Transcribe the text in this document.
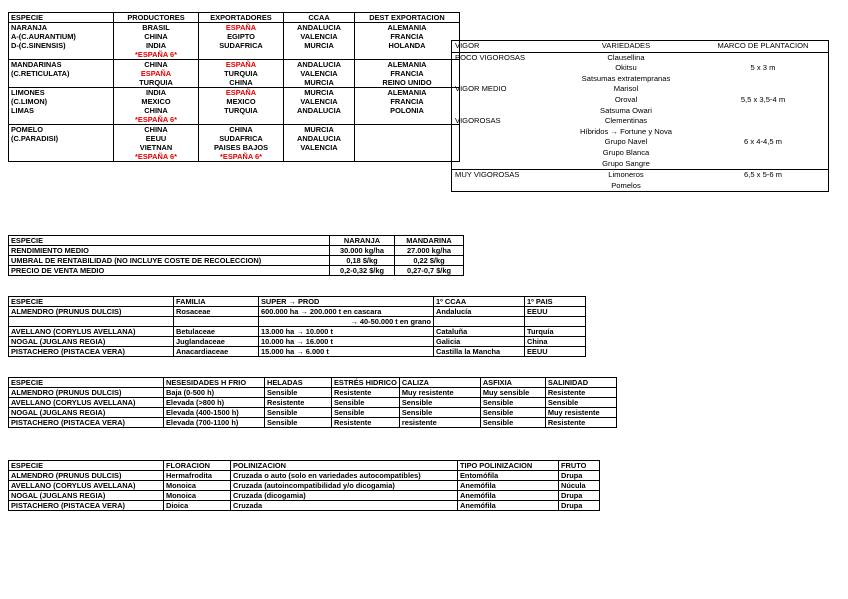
ESPECIE	PRODUCTORES	EXPORTADORES	CCAA	DEST EXPORTACION
NARANJA	BRASIL	ESPAÑA	ANDALUCIA	ALEMANIA
A-(C.AURANTIUM)	CHINA	EGIPTO	VALENCIA	FRANCIA
D-(C.SINENSIS)	INDIA	SUDAFRICA	MURCIA	HOLANDA
	*ESPAÑA 6*			
MANDARINAS	CHINA	ESPAÑA	ANDALUCIA	ALEMANIA
(C.RETICULATA)	ESPAÑA	TURQUIA	VALENCIA	FRANCIA
	TURQUIA	CHINA	MURCIA	REINO UNIDO
LIMONES	INDIA	ESPAÑA	MURCIA	ALEMANIA
(C.LIMON)	MEXICO	MEXICO	VALENCIA	FRANCIA
LIMAS	CHINA	TURQUIA	ANDALUCIA	POLONIA
	*ESPAÑA 6*			
POMELO	CHINA	CHINA	MURCIA	
(C.PARADISI)	EEUU	SUDAFRICA	ANDALUCIA	
	VIETNAN	PAISES BAJOS	VALENCIA	
	*ESPAÑA 6*	*ESPAÑA 6*		
VIGOR	VARIEDADES	MARCO DE PLANTACION
POCO VIGOROSAS	Clausellina	
	Okitsu	5 x 3 m
	Satsumas extratempranas	
VIGOR MEDIO	Marisol	
	Oroval	5,5 x 3,5-4 m
	Satsuma Owari	
VIGOROSAS	Clementinas	
	Híbridos → Fortune y Nova	
	Grupo Navel	6 x 4-4,5 m
	Grupo Blanca	
	Grupo Sangre	
MUY VIGOROSAS	Limoneros	6,5 x 5-6 m
	Pomelos	
ESPECIE	NARANJA	MANDARINA
RENDIMIENTO MEDIO	30.000 kg/ha	27.000 kg/ha
UMBRAL DE RENTABILIDAD (NO INCLUYE COSTE DE RECOLECCION)	0,18 $/kg	0,22 $/kg
PRECIO DE VENTA MEDIO	0,2-0,32 $/kg	0,27-0,7 $/kg
ESPECIE	FAMILIA	SUPER → PROD	1º CCAA	1º PAIS
ALMENDRO (PRUNUS DULCIS)	Rosaceae	600.000 ha → 200.000 t en cascara	Andalucía	EEUU
		→ 40-50.000 t en grano		
AVELLANO (CORYLUS AVELLANA)	Betulaceae	13.000 ha → 10.000 t	Cataluña	Turquía
NOGAL (JUGLANS REGIA)	Juglandaceae	10.000 ha → 16.000 t	Galicia	China
PISTACHERO (PISTACEA VERA)	Anacardiaceae	15.000 ha → 6.000 t	Castilla la Mancha	EEUU
ESPECIE	NESESIDADES H FRIO	HELADAS	ESTRÉS HIDRICO	CALIZA	ASFIXIA	SALINIDAD
ALMENDRO (PRUNUS DULCIS)	Baja (0-500 h)	Sensible	Resistente	Muy resistente	Muy sensible	Resistente
AVELLANO (CORYLUS AVELLANA)	Elevada (>800 h)	Resistente	Sensible	Sensible	Sensible	Sensible
NOGAL (JUGLANS REGIA)	Elevada (400-1500 h)	Sensible	Sensible	Sensible	Sensible	Muy resistente
PISTACHERO (PISTACEA VERA)	Elevada (700-1100 h)	Sensible	Resistente	resistente	Sensible	Resistente
ESPECIE	FLORACION	POLINIZACION	TIPO POLINIZACION	FRUTO
ALMENDRO (PRUNUS DULCIS)	Hermafrodita	Cruzada o auto (solo en variedades autocompatibles)	Entomófila	Drupa
AVELLANO (CORYLUS AVELLANA)	Monoica	Cruzada (autoincompatibilidad y/o dicogamia)	Anemófila	Núcula
NOGAL (JUGLANS REGIA)	Monoica	Cruzada (dicogamia)	Anemófila	Drupa
PISTACHERO (PISTACEA VERA)	Dioica	Cruzada	Anemófila	Drupa
